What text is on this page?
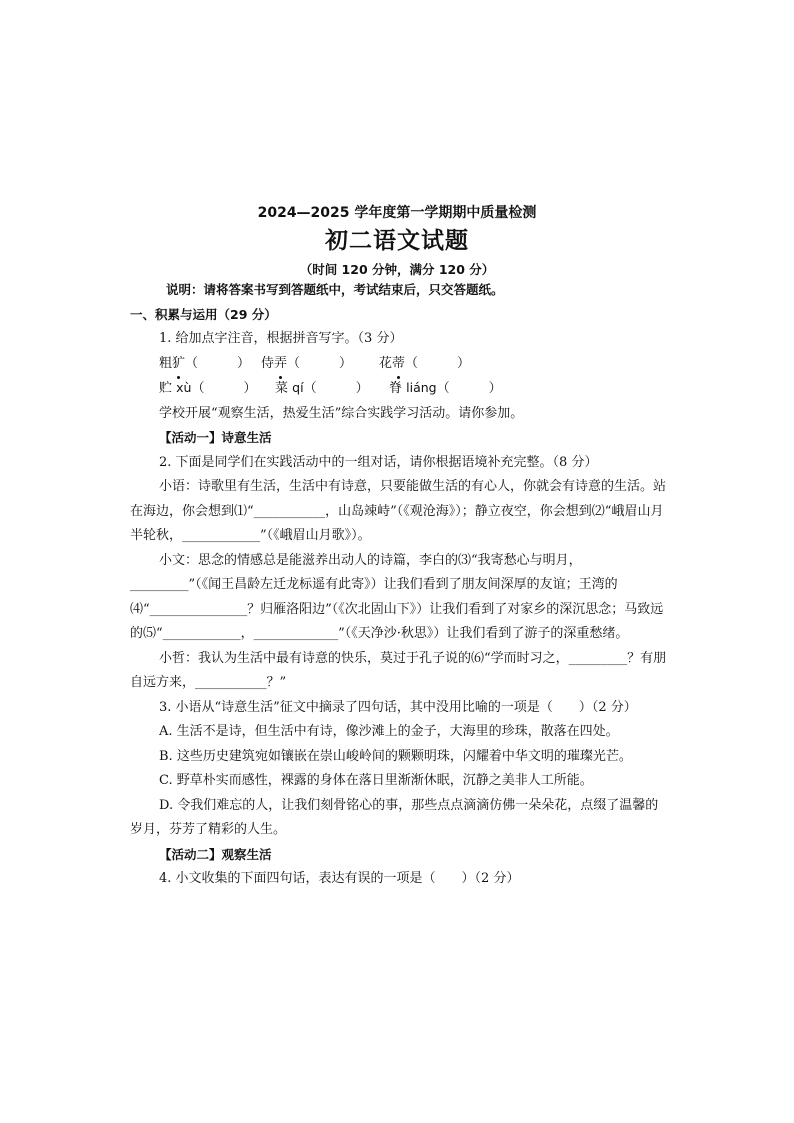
2024—2025 学年度第一学期期中质量检测
初二语文试题
（时间 120 分钟，满分 120 分）

说明：请将答案书写到答题纸中，考试结束后，只交答题纸。

一、积累与运用（29 分）

1. 给加点字注音，根据拼音写字。（3 分）

粗犷（　　　） 侍弄（　　　） 花蒂（　　　）
贮 xù（　　　） 菜 qí（　　　） 脊 liáng（　　　）

学校开展“观察生活，热爱生活”综合实践学习活动。请你参加。

【活动一】诗意生活

2. 下面是同学们在实践活动中的一组对话，请你根据语境补充完整。（8 分）

小语：诗歌里有生活，生活中有诗意，只要能做生活的有心人，你就会有诗意的生活。站在海边，你会想到⑴“___________，山岛竦峙”（《观沧海》）；静立夜空，你会想到⑵“峨眉山月半轮秋，____________”（《峨眉山月歌》）。

小文：思念的情感总是能滋养出动人的诗篇，李白的⑶“我寄愁心与明月，_________”（《闻王昌龄左迁龙标遥有此寄》）让我们看到了朋友间深厚的友谊；王湾的⑷“_______________？归雁洛阳边”（《次北固山下》）让我们看到了对家乡的深沉思念；马致远的⑸“____________，_____________”（《天净沙·秋思》）让我们看到了游子的深重愁绪。

小哲：我认为生活中最有诗意的快乐，莫过于孔子说的⑹“学而时习之，_________？有朋自远方来，___________？”

3. 小语从“诗意生活”征文中摘录了四句话，其中没用比喻的一项是（　　）（2 分）

A. 生活不是诗，但生活中有诗，像沙滩上的金子，大海里的珍珠，散落在四处。

B. 这些历史建筑宛如镶嵌在崇山峻岭间的颗颗明珠，闪耀着中华文明的璀璨光芒。

C. 野草朴实而感性，裸露的身体在落日里渐渐休眠，沉静之美非人工所能。

D. 令我们难忘的人，让我们刻骨铭心的事，那些点点滴滴仿佛一朵朵花，点缀了温馨的岁月，芬芳了精彩的人生。

【活动二】观察生活

4. 小文收集的下面四句话，表达有误的一项是（　　）（2 分）
